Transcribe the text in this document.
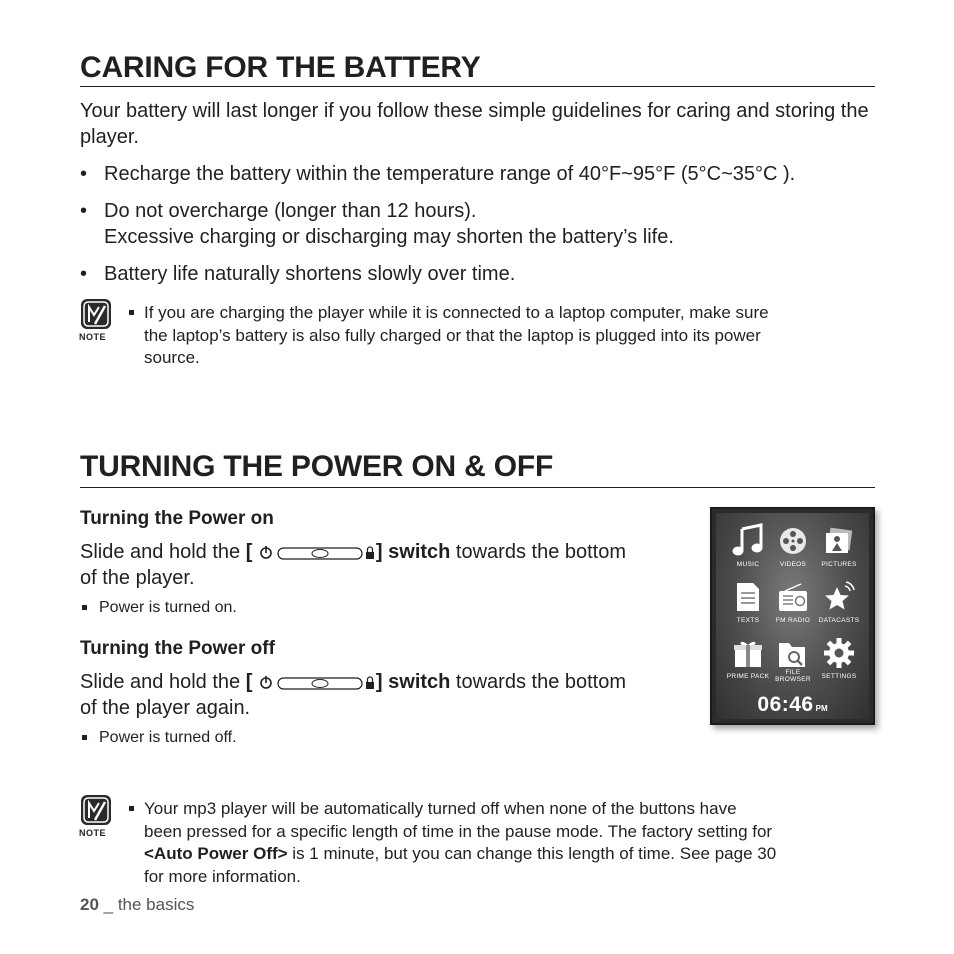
CARING FOR THE BATTERY
Your battery will last longer if you follow these simple guidelines for caring and storing the player.
• Recharge the battery within the temperature range of 40°F~95°F (5°C~35°C ).
• Do not overcharge (longer than 12 hours).
Excessive charging or discharging may shorten the battery’s life.
• Battery life naturally shortens slowly over time.
NOTE
If you are charging the player while it is connected to a laptop computer, make sure
the laptop’s battery is also fully charged or that the laptop is plugged into its power
source.
TURNING THE POWER ON & OFF
Turning the Power on
Slide and hold the [	] switch towards the bottom
of the player.
Power is turned on.
Turning the Power off
Slide and hold the [	] switch towards the bottom
of the player again.
Power is turned off.
MUSIC	VIDEOS	PICTURES
TEXTS	FM RADIO	DATACASTS
PRIME PACK
FILE
BROWSER	SETTINGS
06:46 PM
NOTE
Your mp3 player will be automatically turned off when none of the buttons have
been pressed for a specific length of time in the pause mode. The factory setting for
<Auto Power Off> is 1 minute, but you can change this length of time. See page 30
for more information.
20 _ the basics
